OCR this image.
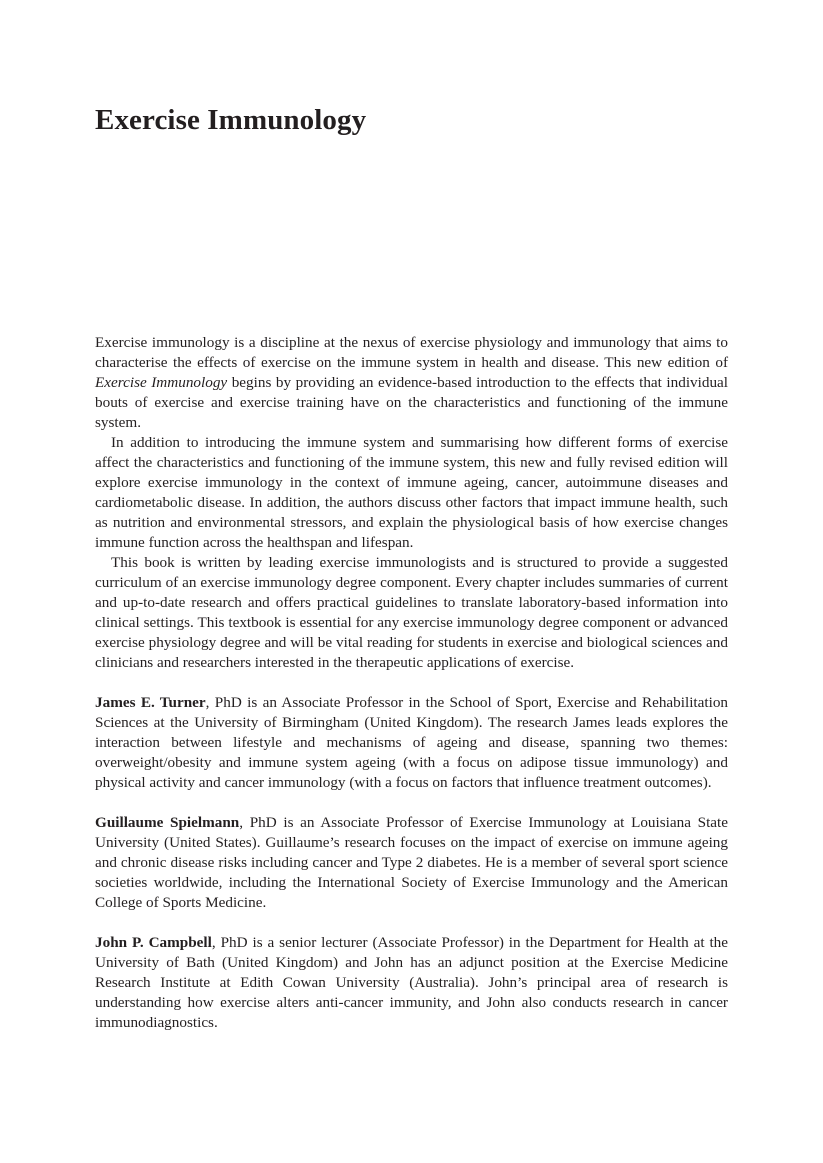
Exercise Immunology

Exercise immunology is a discipline at the nexus of exercise physiology and immunology that aims to characterise the effects of exercise on the immune system in health and disease. This new edition of Exercise Immunology begins by providing an evidence-based introduction to the effects that individual bouts of exercise and exercise training have on the characteristics and functioning of the immune system.

In addition to introducing the immune system and summarising how different forms of exercise affect the characteristics and functioning of the immune system, this new and fully revised edition will explore exercise immunology in the context of immune ageing, cancer, autoimmune diseases and cardiometabolic disease. In addition, the authors discuss other factors that impact immune health, such as nutrition and environmental stressors, and explain the physiological basis of how exercise changes immune function across the healthspan and lifespan.

This book is written by leading exercise immunologists and is structured to provide a suggested curriculum of an exercise immunology degree component. Every chapter includes summaries of current and up-to-date research and offers practical guidelines to translate laboratory-based information into clinical settings. This textbook is essential for any exercise immunology degree component or advanced exercise physiology degree and will be vital reading for students in exercise and biological sciences and clinicians and researchers interested in the therapeutic applications of exercise.

James E. Turner, PhD is an Associate Professor in the School of Sport, Exercise and Rehabilitation Sciences at the University of Birmingham (United Kingdom). The research James leads explores the interaction between lifestyle and mechanisms of ageing and disease, spanning two themes: overweight/obesity and immune system ageing (with a focus on adipose tissue immunology) and physical activity and cancer immunology (with a focus on factors that influence treatment outcomes).

Guillaume Spielmann, PhD is an Associate Professor of Exercise Immunology at Louisiana State University (United States). Guillaume’s research focuses on the impact of exercise on immune ageing and chronic disease risks including cancer and Type 2 diabetes. He is a member of several sport science societies worldwide, including the International Society of Exercise Immunology and the American College of Sports Medicine.

John P. Campbell, PhD is a senior lecturer (Associate Professor) in the Department for Health at the University of Bath (United Kingdom) and John has an adjunct position at the Exercise Medicine Research Institute at Edith Cowan University (Australia). John’s principal area of research is understanding how exercise alters anti-cancer immunity, and John also conducts research in cancer immunodiagnostics.
